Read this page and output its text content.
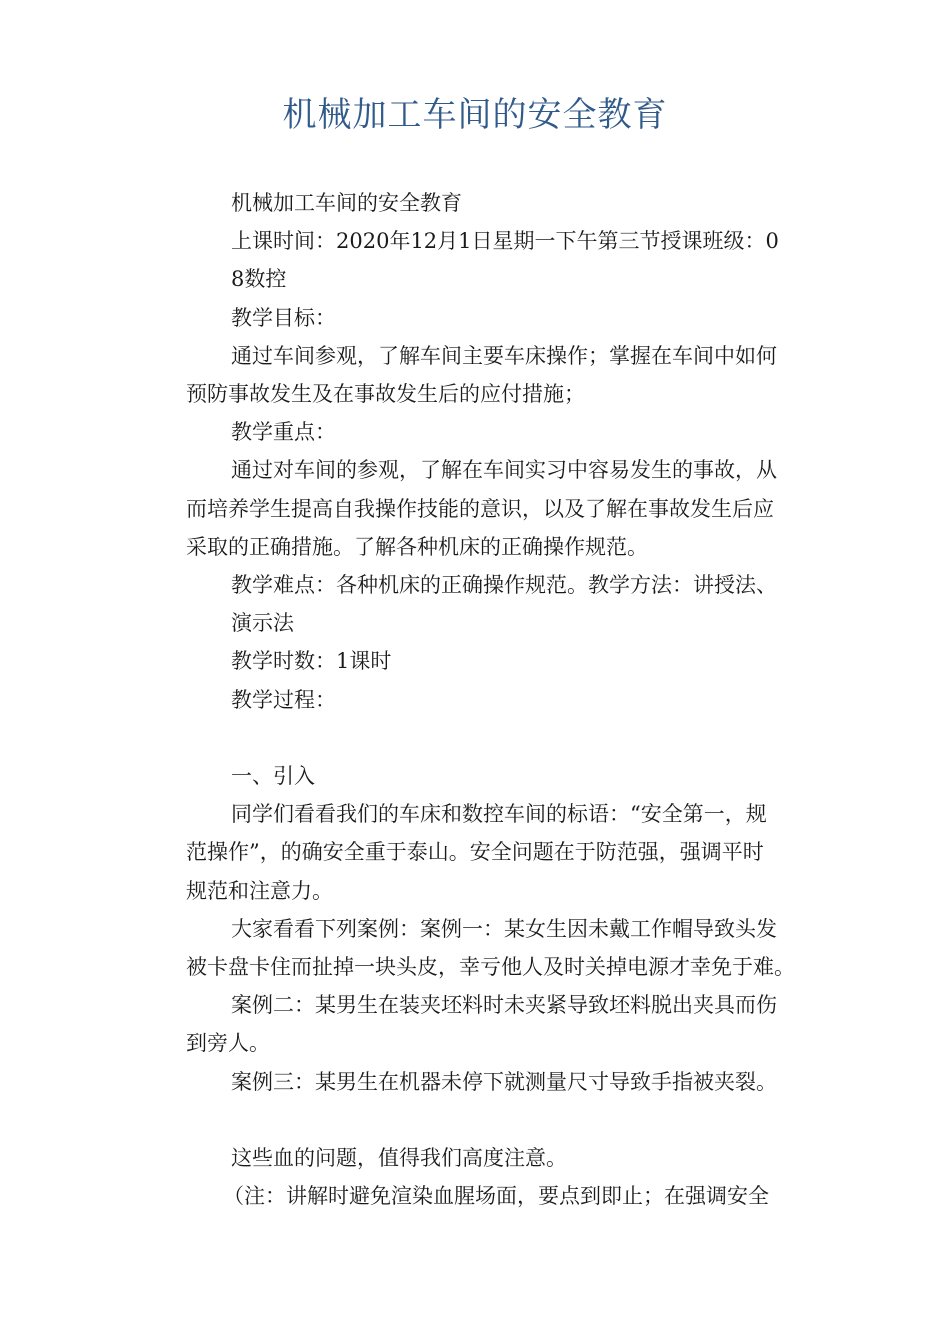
机械加工车间的安全教育

机械加工车间的安全教育

上课时间：2020年12月1日星期一下午第三节授课班级：0

8数控

教学目标：

通过车间参观，了解车间主要车床操作；掌握在车间中如何

预防事故发生及在事故发生后的应付措施；

教学重点：

通过对车间的参观，了解在车间实习中容易发生的事故，从

而培养学生提高自我操作技能的意识，以及了解在事故发生后应

采取的正确措施。了解各种机床的正确操作规范。

教学难点：各种机床的正确操作规范。教学方法：讲授法、

演示法

教学时数：1课时

教学过程：

一、引入

同学们看看我们的车床和数控车间的标语：“安全第一，规

范操作”，的确安全重于泰山。安全问题在于防范强，强调平时

规范和注意力。

大家看看下列案例：案例一：某女生因未戴工作帽导致头发

被卡盘卡住而扯掉一块头皮，幸亏他人及时关掉电源才幸免于难。

案例二：某男生在装夹坯料时未夹紧导致坯料脱出夹具而伤

到旁人。

案例三：某男生在机器未停下就测量尺寸导致手指被夹裂。

这些血的问题，值得我们高度注意。

（注：讲解时避免渲染血腥场面，要点到即止；在强调安全
